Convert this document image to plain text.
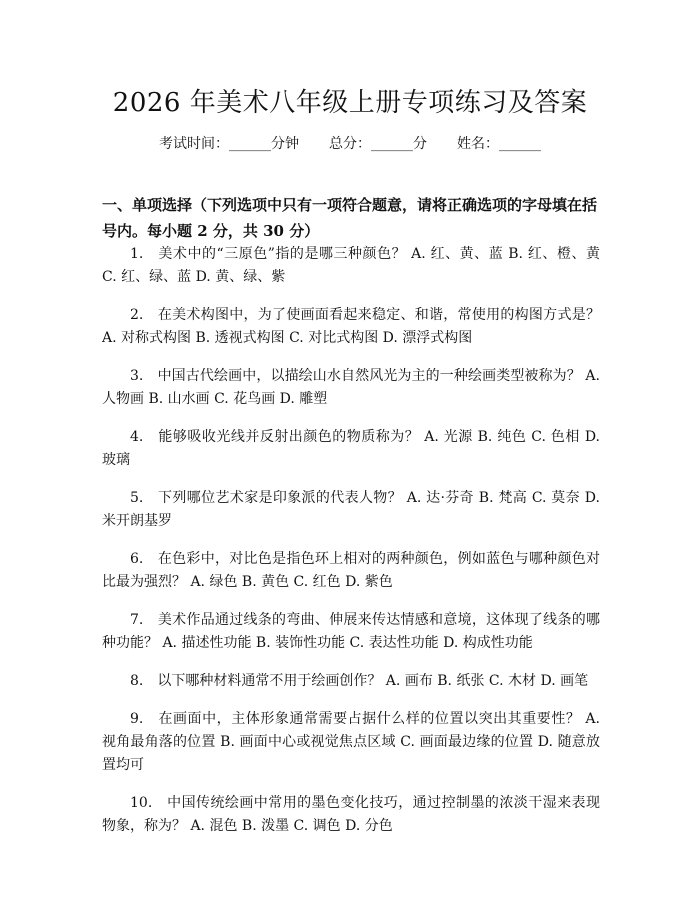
2026 年美术八年级上册专项练习及答案
考试时间：______分钟 总分：______分 姓名：______
一、单项选择（下列选项中只有一项符合题意，请将正确选项的字母填在括号内。每小题 2 分，共 30 分）

1.　美术中的“三原色”指的是哪三种颜色？ A. 红、黄、蓝 B. 红、橙、黄 C. 红、绿、蓝 D. 黄、绿、紫

2.　在美术构图中，为了使画面看起来稳定、和谐，常使用的构图方式是？ A. 对称式构图 B. 透视式构图 C. 对比式构图 D. 漂浮式构图

3.　中国古代绘画中，以描绘山水自然风光为主的一种绘画类型被称为？ A. 人物画 B. 山水画 C. 花鸟画 D. 雕塑

4.　能够吸收光线并反射出颜色的物质称为？ A. 光源 B. 纯色 C. 色相 D. 玻璃

5.　下列哪位艺术家是印象派的代表人物？ A. 达·芬奇 B. 梵高 C. 莫奈 D. 米开朗基罗

6.　在色彩中，对比色是指色环上相对的两种颜色，例如蓝色与哪种颜色对比最为强烈？ A. 绿色 B. 黄色 C. 红色 D. 紫色

7.　美术作品通过线条的弯曲、伸展来传达情感和意境，这体现了线条的哪种功能？ A. 描述性功能 B. 装饰性功能 C. 表达性功能 D. 构成性功能

8.　以下哪种材料通常不用于绘画创作？ A. 画布 B. 纸张 C. 木材 D. 画笔

9.　在画面中，主体形象通常需要占据什么样的位置以突出其重要性？ A. 视角最角落的位置 B. 画面中心或视觉焦点区域 C. 画面最边缘的位置 D. 随意放置均可

10.　中国传统绘画中常用的墨色变化技巧，通过控制墨的浓淡干湿来表现物象，称为？ A. 混色 B. 泼墨 C. 调色 D. 分色
